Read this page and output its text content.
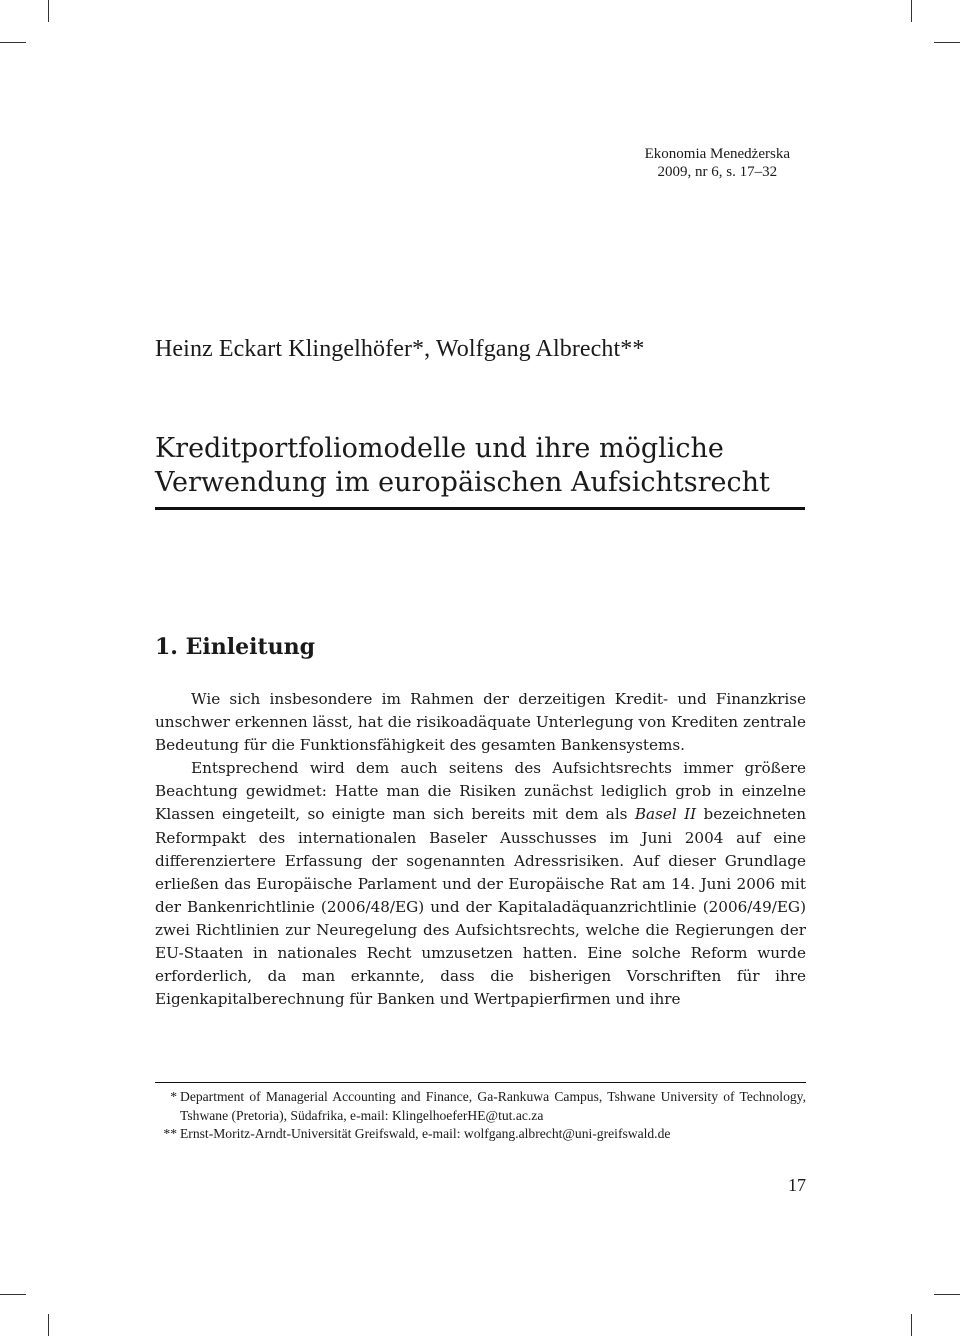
Ekonomia Menedżerska
2009, nr 6, s. 17–32
Heinz Eckart Klingelhöfer*, Wolfgang Albrecht**
Kreditportfoliomodelle und ihre mögliche
Verwendung im europäischen Aufsichtsrecht
1. Einleitung

Wie sich insbesondere im Rahmen der derzeitigen Kredit- und Finanzkrise unschwer erkennen lässt, hat die risikoadäquate Unterlegung von Krediten zentrale Bedeutung für die Funktionsfähigkeit des gesamten Bankensystems.

Entsprechend wird dem auch seitens des Aufsichtsrechts immer größere Beachtung gewidmet: Hatte man die Risiken zunächst lediglich grob in einzelne Klassen eingeteilt, so einigte man sich bereits mit dem als Basel II bezeichneten Reformpakt des internationalen Baseler Ausschusses im Juni 2004 auf eine differenziertere Erfassung der sogenannten Adressrisiken. Auf dieser Grundlage erließen das Europäische Parlament und der Europäische Rat am 14. Juni 2006 mit der Bankenrichtlinie (2006/48/EG) und der Kapitaladäquanzrichtlinie (2006/49/EG) zwei Richtlinien zur Neuregelung des Aufsichtsrechts, welche die Regierungen der EU-Staaten in nationales Recht umzusetzen hatten. Eine solche Reform wurde erforderlich, da man erkannte, dass die bisherigen Vorschriften für ihre Eigenkapitalberechnung für Banken und Wertpapierfirmen und ihre

* Department of Managerial Accounting and Finance, Ga-Rankuwa Campus, Tshwane University of Technology, Tshwane (Pretoria), Südafrika, e-mail: KlingelhoeferHE@tut.ac.za
** Ernst-Moritz-Arndt-Universität Greifswald, e-mail: wolfgang.albrecht@uni-greifswald.de
17
